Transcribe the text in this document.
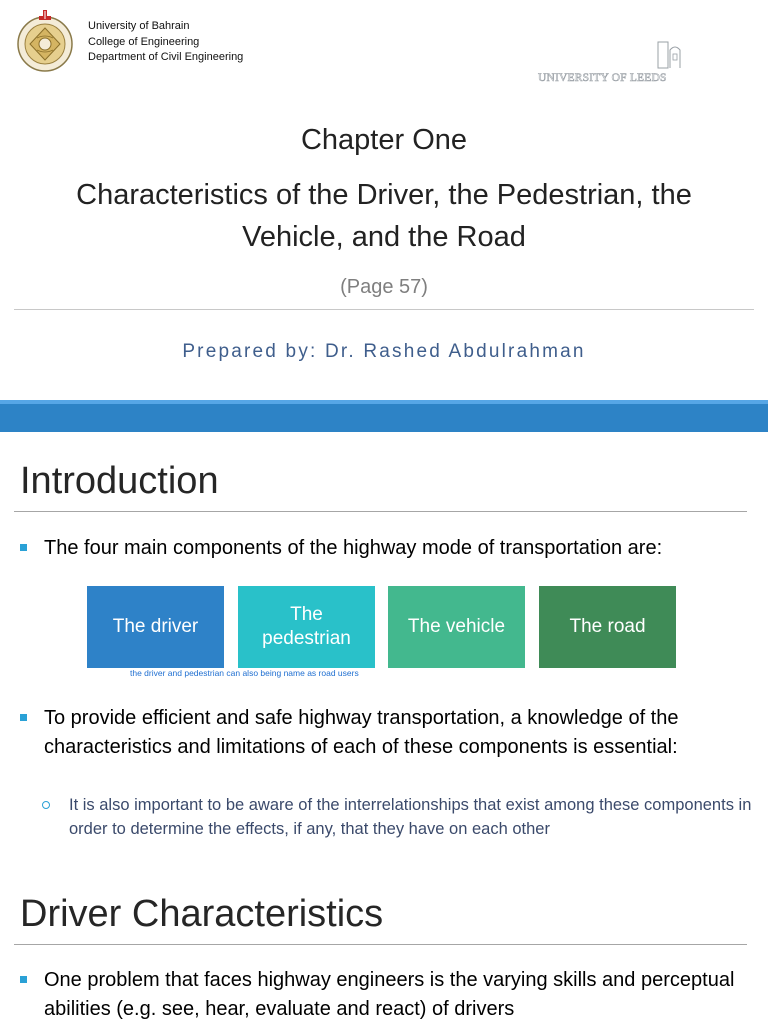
University of Bahrain
College of Engineering
Department of Civil Engineering
UNIVERSITY OF LEEDS
Chapter One
Characteristics of the Driver, the Pedestrian, the Vehicle, and the Road
(Page 57)
Prepared by: Dr. Rashed Abdulrahman
Introduction
The four main components of the highway mode of transportation are:
The driver
The pedestrian
The vehicle	The road
the driver and pedestrian can also being name as road users
To provide efficient and safe highway transportation, a knowledge of the characteristics and limitations of each of these components is essential:
It is also important to be aware of the interrelationships that exist among these components in order to determine the effects, if any, that they have on each other
Driver Characteristics
One problem that faces highway engineers is the varying skills and perceptual abilities (e.g. see, hear, evaluate and react) of drivers
